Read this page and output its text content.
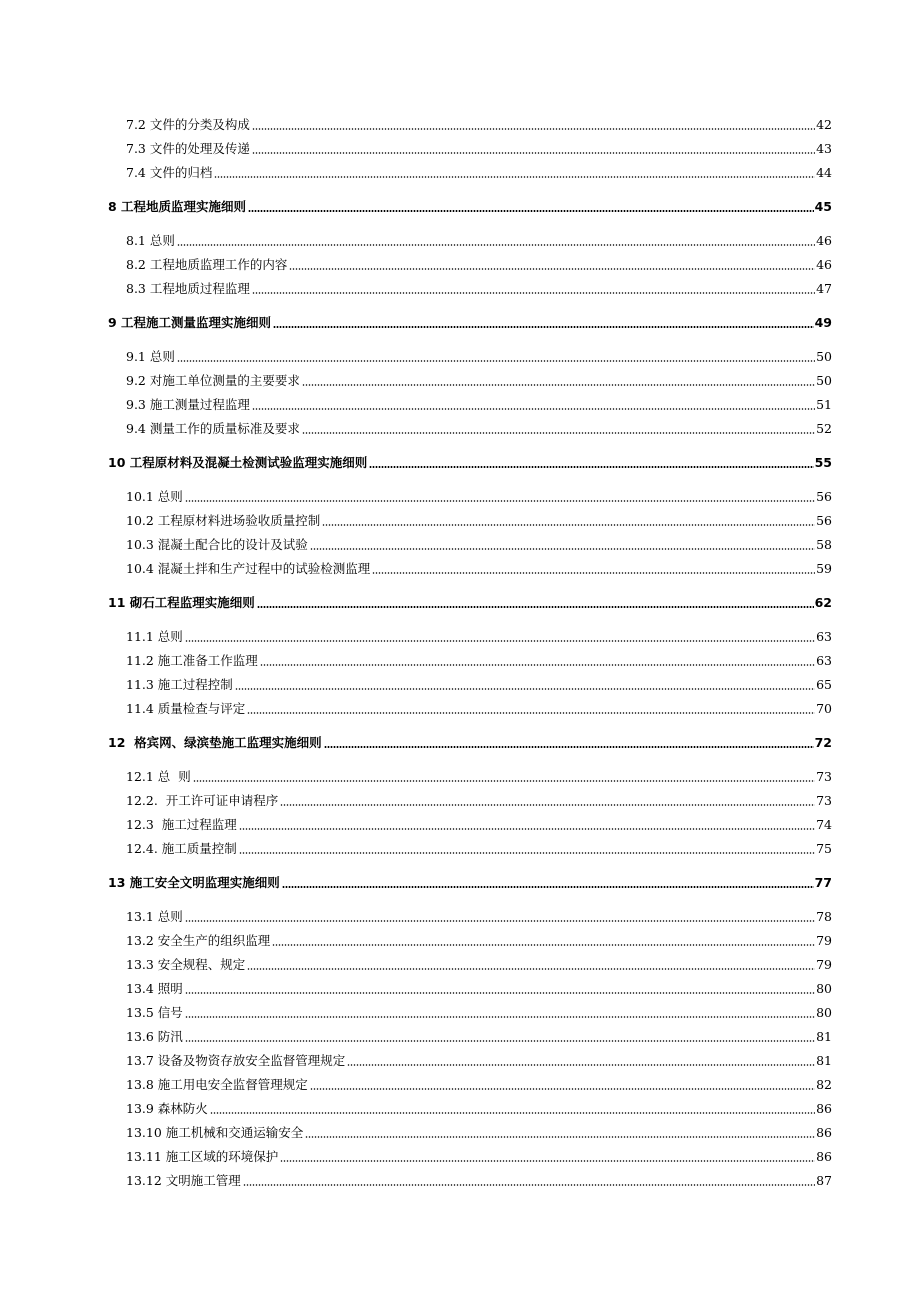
7.2 文件的分类及构成	42
7.3 文件的处理及传递	43
7.4 文件的归档	44
8 工程地质监理实施细则	45
8.1 总则	46
8.2 工程地质监理工作的内容	46
8.3 工程地质过程监理	47
9 工程施工测量监理实施细则	49
9.1 总则	50
9.2 对施工单位测量的主要要求	50
9.3 施工测量过程监理	51
9.4 测量工作的质量标准及要求	52
10 工程原材料及混凝土检测试验监理实施细则	55
10.1 总则	56
10.2 工程原材料进场验收质量控制	56
10.3 混凝土配合比的设计及试验	58
10.4 混凝土拌和生产过程中的试验检测监理	59
11 砌石工程监理实施细则	62
11.1 总则	63
11.2 施工准备工作监理	63
11.3 施工过程控制	65
11.4 质量检查与评定	70
12  格宾网、绿滨垫施工监理实施细则	72
12.1 总  则	73
12.2.  开工许可证申请程序	73
12.3  施工过程监理	74
12.4. 施工质量控制	75
13 施工安全文明监理实施细则	77
13.1 总则	78
13.2 安全生产的组织监理	79
13.3 安全规程、规定	79
13.4 照明	80
13.5 信号	80
13.6 防汛	81
13.7 设备及物资存放安全监督管理规定	81
13.8 施工用电安全监督管理规定	82
13.9 森林防火	86
13.10 施工机械和交通运输安全	86
13.11 施工区域的环境保护	86
13.12 文明施工管理	87
